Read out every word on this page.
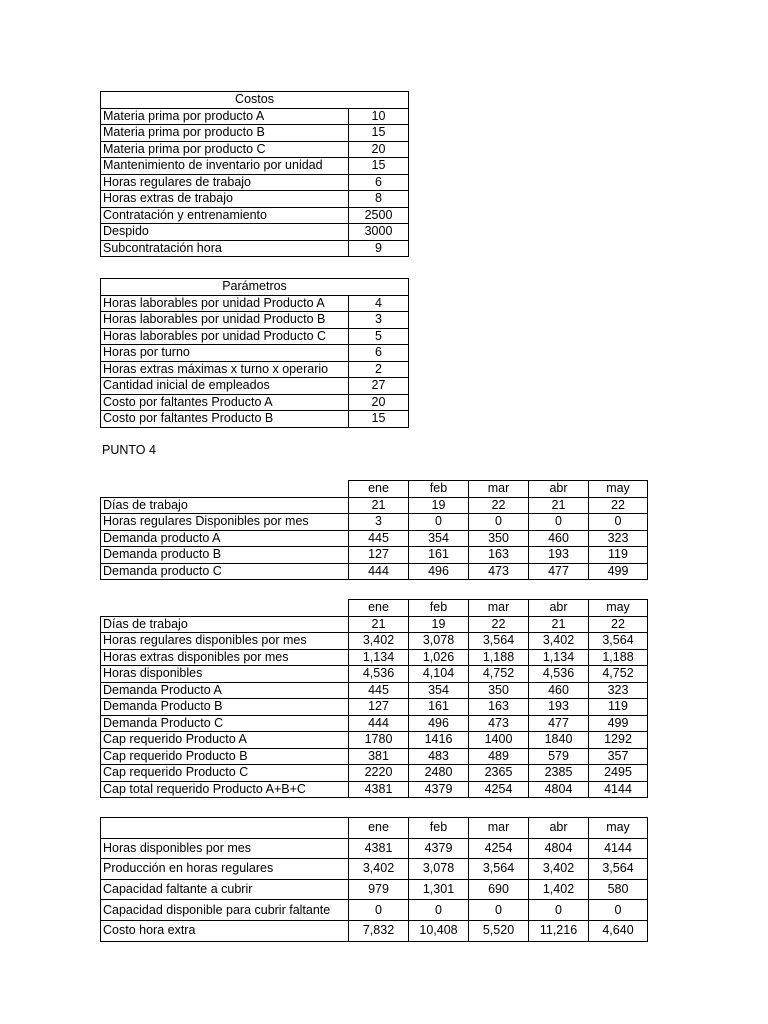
Costos	
Materia prima por producto A	10
Materia prima por producto B	15
Materia prima por producto C	20
Mantenimiento de inventario por unidad	15
Horas regulares de trabajo	6
Horas extras de trabajo	8
Contratación y entrenamiento	2500
Despido	3000
Subcontratación hora	9
Parámetros	
Horas laborables por unidad Producto A	4
Horas laborables por unidad Producto B	3
Horas laborables por unidad Producto C	5
Horas por turno	6
Horas extras máximas x turno x operario	2
Cantidad inicial de empleados	27
Costo por faltantes Producto A	20
Costo por faltantes Producto B	15
PUNTO 4
	ene	feb	mar	abr	may
Días de trabajo	21	19	22	21	22
Horas regulares Disponibles por mes	3	0	0	0	0
Demanda producto A	445	354	350	460	323
Demanda producto B	127	161	163	193	119
Demanda producto C	444	496	473	477	499
	ene	feb	mar	abr	may
Días de trabajo	21	19	22	21	22
Horas regulares disponibles por mes	3,402	3,078	3,564	3,402	3,564
Horas extras disponibles por mes	1,134	1,026	1,188	1,134	1,188
Horas disponibles	4,536	4,104	4,752	4,536	4,752
Demanda Producto A	445	354	350	460	323
Demanda Producto B	127	161	163	193	119
Demanda Producto C	444	496	473	477	499
Cap requerido Producto A	1780	1416	1400	1840	1292
Cap requerido Producto B	381	483	489	579	357
Cap requerido Producto C	2220	2480	2365	2385	2495
Cap total requerido Producto A+B+C	4381	4379	4254	4804	4144
	ene	feb	mar	abr	may
Horas disponibles por mes	4381	4379	4254	4804	4144
Producción en horas regulares	3,402	3,078	3,564	3,402	3,564
Capacidad faltante a cubrir	979	1,301	690	1,402	580
Capacidad disponible para cubrir faltante	0	0	0	0	0
Costo hora extra	7,832	10,408	5,520	11,216	4,640
